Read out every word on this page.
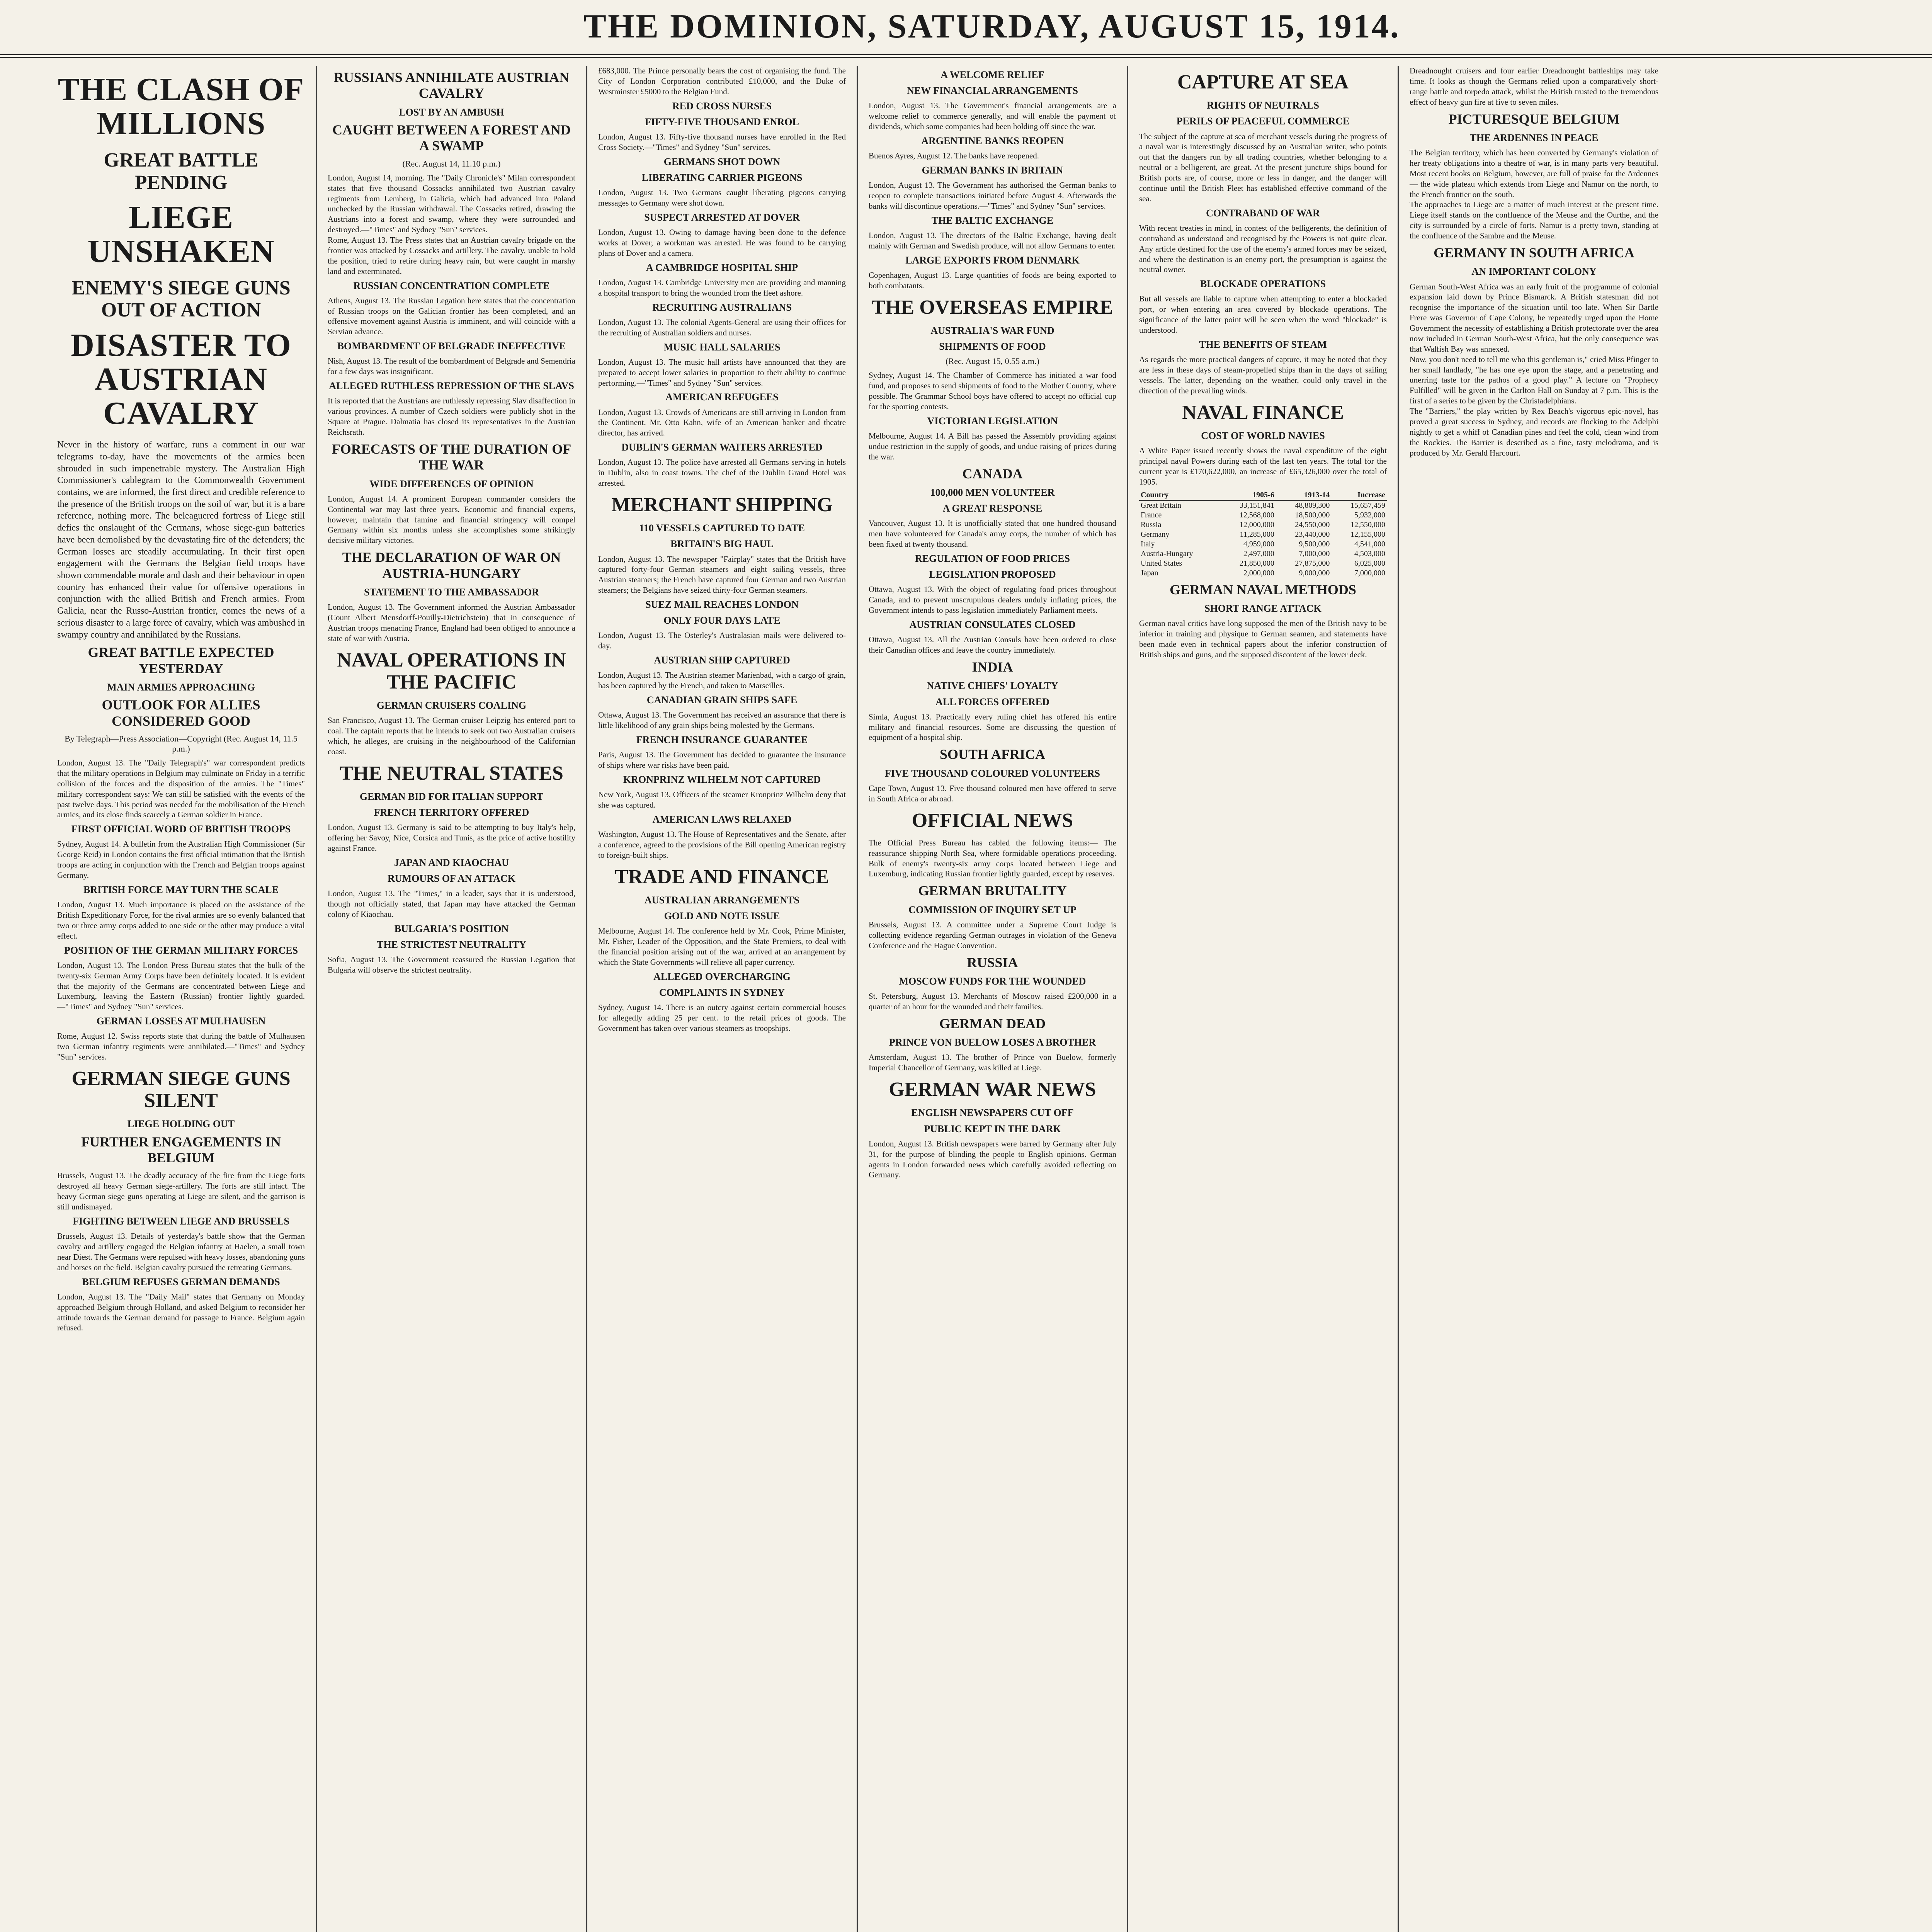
THE DOMINION, SATURDAY, AUGUST 15, 1914.
THE CLASH OF MILLIONS
GREAT BATTLE PENDING
LIEGE UNSHAKEN
ENEMY'S SIEGE GUNS OUT OF ACTION
DISASTER TO AUSTRIAN CAVALRY

Never in the history of warfare, runs a comment in our war telegrams to-day, have the movements of the armies been shrouded in such impenetrable mystery. The Australian High Commissioner's cablegram to the Commonwealth Government contains, we are informed, the first direct and credible reference to the presence of the British troops on the soil of war, but it is a bare reference, nothing more. The beleaguered fortress of Liege still defies the onslaught of the Germans, whose siege-gun batteries have been demolished by the devastating fire of the defenders; the German losses are steadily accumulating. In their first open engagement with the Germans the Belgian field troops have shown commendable morale and dash and their behaviour in open country has enhanced their value for offensive operations in conjunction with the allied British and French armies. From Galicia, near the Russo-Austrian frontier, comes the news of a serious disaster to a large force of cavalry, which was ambushed in swampy country and annihilated by the Russians.

GREAT BATTLE EXPECTED YESTERDAY
MAIN ARMIES APPROACHING
OUTLOOK FOR ALLIES CONSIDERED GOOD
By Telegraph—Press Association—Copyright (Rec. August 14, 11.5 p.m.)

London, August 13. The "Daily Telegraph's" war correspondent predicts that the military operations in Belgium may culminate on Friday in a terrific collision of the forces and the disposition of the armies. The "Times" military correspondent says: We can still be satisfied with the events of the past twelve days. This period was needed for the mobilisation of the French armies, and its close finds scarcely a German soldier in France.

FIRST OFFICIAL WORD OF BRITISH TROOPS

Sydney, August 14. A bulletin from the Australian High Commissioner (Sir George Reid) in London contains the first official intimation that the British troops are acting in conjunction with the French and Belgian troops against Germany.

BRITISH FORCE MAY TURN THE SCALE

London, August 13. Much importance is placed on the assistance of the British Expeditionary Force, for the rival armies are so evenly balanced that two or three army corps added to one side or the other may produce a vital effect.

POSITION OF THE GERMAN MILITARY FORCES

London, August 13. The London Press Bureau states that the bulk of the twenty-six German Army Corps have been definitely located. It is evident that the majority of the Germans are concentrated between Liege and Luxemburg, leaving the Eastern (Russian) frontier lightly guarded.—"Times" and Sydney "Sun" services.

GERMAN LOSSES AT MULHAUSEN

Rome, August 12. Swiss reports state that during the battle of Mulhausen two German infantry regiments were annihilated.—"Times" and Sydney "Sun" services.

GERMAN SIEGE GUNS SILENT
LIEGE HOLDING OUT
FURTHER ENGAGEMENTS IN BELGIUM

Brussels, August 13. The deadly accuracy of the fire from the Liege forts destroyed all heavy German siege-artillery. The forts are still intact. The heavy German siege guns operating at Liege are silent, and the garrison is still undismayed.

FIGHTING BETWEEN LIEGE AND BRUSSELS

Brussels, August 13. Details of yesterday's battle show that the German cavalry and artillery engaged the Belgian infantry at Haelen, a small town near Diest. The Germans were repulsed with heavy losses, abandoning guns and horses on the field. Belgian cavalry pursued the retreating Germans.

BELGIUM REFUSES GERMAN DEMANDS

London, August 13. The "Daily Mail" states that Germany on Monday approached Belgium through Holland, and asked Belgium to reconsider her attitude towards the German demand for passage to France. Belgium again refused.

RUSSIANS ANNIHILATE AUSTRIAN CAVALRY
LOST BY AN AMBUSH
CAUGHT BETWEEN A FOREST AND A SWAMP
(Rec. August 14, 11.10 p.m.)

London, August 14, morning. The "Daily Chronicle's" Milan correspondent states that five thousand Cossacks annihilated two Austrian cavalry regiments from Lemberg, in Galicia, which had advanced into Poland unchecked by the Russian withdrawal. The Cossacks retired, drawing the Austrians into a forest and swamp, where they were surrounded and destroyed.—"Times" and Sydney "Sun" services.

Rome, August 13. The Press states that an Austrian cavalry brigade on the frontier was attacked by Cossacks and artillery. The cavalry, unable to hold the position, tried to retire during heavy rain, but were caught in marshy land and exterminated.

RUSSIAN CONCENTRATION COMPLETE

Athens, August 13. The Russian Legation here states that the concentration of Russian troops on the Galician frontier has been completed, and an offensive movement against Austria is imminent, and will coincide with a Servian advance.

BOMBARDMENT OF BELGRADE INEFFECTIVE

Nish, August 13. The result of the bombardment of Belgrade and Semendria for a few days was insignificant.

ALLEGED RUTHLESS REPRESSION OF THE SLAVS

It is reported that the Austrians are ruthlessly repressing Slav disaffection in various provinces. A number of Czech soldiers were publicly shot in the Square at Prague. Dalmatia has closed its representatives in the Austrian Reichsrath.

FORECASTS OF THE DURATION OF THE WAR
WIDE DIFFERENCES OF OPINION

London, August 14. A prominent European commander considers the Continental war may last three years. Economic and financial experts, however, maintain that famine and financial stringency will compel Germany within six months unless she accomplishes some strikingly decisive military victories.

THE DECLARATION OF WAR ON AUSTRIA-HUNGARY
STATEMENT TO THE AMBASSADOR

London, August 13. The Government informed the Austrian Ambassador (Count Albert Mensdorff-Pouilly-Dietrichstein) that in consequence of Austrian troops menacing France, England had been obliged to announce a state of war with Austria.

NAVAL OPERATIONS IN THE PACIFIC
GERMAN CRUISERS COALING

San Francisco, August 13. The German cruiser Leipzig has entered port to coal. The captain reports that he intends to seek out two Australian cruisers which, he alleges, are cruising in the neighbourhood of the Californian coast.

THE NEUTRAL STATES
GERMAN BID FOR ITALIAN SUPPORT
FRENCH TERRITORY OFFERED

London, August 13. Germany is said to be attempting to buy Italy's help, offering her Savoy, Nice, Corsica and Tunis, as the price of active hostility against France.

JAPAN AND KIAOCHAU
RUMOURS OF AN ATTACK

London, August 13. The "Times," in a leader, says that it is understood, though not officially stated, that Japan may have attacked the German colony of Kiaochau.

BULGARIA'S POSITION
THE STRICTEST NEUTRALITY

Sofia, August 13. The Government reassured the Russian Legation that Bulgaria will observe the strictest neutrality.

£683,000. The Prince personally bears the cost of organising the fund. The City of London Corporation contributed £10,000, and the Duke of Westminster £5000 to the Belgian Fund.

RED CROSS NURSES
FIFTY-FIVE THOUSAND ENROL

London, August 13. Fifty-five thousand nurses have enrolled in the Red Cross Society.—"Times" and Sydney "Sun" services.

GERMANS SHOT DOWN
LIBERATING CARRIER PIGEONS

London, August 13. Two Germans caught liberating pigeons carrying messages to Germany were shot down.

SUSPECT ARRESTED AT DOVER

London, August 13. Owing to damage having been done to the defence works at Dover, a workman was arrested. He was found to be carrying plans of Dover and a camera.

A CAMBRIDGE HOSPITAL SHIP

London, August 13. Cambridge University men are providing and manning a hospital transport to bring the wounded from the fleet ashore.

RECRUITING AUSTRALIANS

London, August 13. The colonial Agents-General are using their offices for the recruiting of Australian soldiers and nurses.

MUSIC HALL SALARIES

London, August 13. The music hall artists have announced that they are prepared to accept lower salaries in proportion to their ability to continue performing.—"Times" and Sydney "Sun" services.

AMERICAN REFUGEES

London, August 13. Crowds of Americans are still arriving in London from the Continent. Mr. Otto Kahn, wife of an American banker and theatre director, has arrived.

DUBLIN'S GERMAN WAITERS ARRESTED

London, August 13. The police have arrested all Germans serving in hotels in Dublin, also in coast towns. The chef of the Dublin Grand Hotel was arrested.

MERCHANT SHIPPING
110 VESSELS CAPTURED TO DATE
BRITAIN'S BIG HAUL

London, August 13. The newspaper "Fairplay" states that the British have captured forty-four German steamers and eight sailing vessels, three Austrian steamers; the French have captured four German and two Austrian steamers; the Belgians have seized thirty-four German steamers.

SUEZ MAIL REACHES LONDON
ONLY FOUR DAYS LATE

London, August 13. The Osterley's Australasian mails were delivered to-day.

AUSTRIAN SHIP CAPTURED

London, August 13. The Austrian steamer Marienbad, with a cargo of grain, has been captured by the French, and taken to Marseilles.

CANADIAN GRAIN SHIPS SAFE

Ottawa, August 13. The Government has received an assurance that there is little likelihood of any grain ships being molested by the Germans.

FRENCH INSURANCE GUARANTEE

Paris, August 13. The Government has decided to guarantee the insurance of ships where war risks have been paid.

KRONPRINZ WILHELM NOT CAPTURED

New York, August 13. Officers of the steamer Kronprinz Wilhelm deny that she was captured.

AMERICAN LAWS RELAXED

Washington, August 13. The House of Representatives and the Senate, after a conference, agreed to the provisions of the Bill opening American registry to foreign-built ships.

TRADE AND FINANCE
AUSTRALIAN ARRANGEMENTS
GOLD AND NOTE ISSUE

Melbourne, August 14. The conference held by Mr. Cook, Prime Minister, Mr. Fisher, Leader of the Opposition, and the State Premiers, to deal with the financial position arising out of the war, arrived at an arrangement by which the State Governments will relieve all paper currency.

ALLEGED OVERCHARGING
COMPLAINTS IN SYDNEY

Sydney, August 14. There is an outcry against certain commercial houses for allegedly adding 25 per cent. to the retail prices of goods. The Government has taken over various steamers as troopships.

A WELCOME RELIEF
NEW FINANCIAL ARRANGEMENTS

London, August 13. The Government's financial arrangements are a welcome relief to commerce generally, and will enable the payment of dividends, which some companies had been holding off since the war.

ARGENTINE BANKS REOPEN

Buenos Ayres, August 12. The banks have reopened.

GERMAN BANKS IN BRITAIN

London, August 13. The Government has authorised the German banks to reopen to complete transactions initiated before August 4. Afterwards the banks will discontinue operations.—"Times" and Sydney "Sun" services.

THE BALTIC EXCHANGE

London, August 13. The directors of the Baltic Exchange, having dealt mainly with German and Swedish produce, will not allow Germans to enter.

LARGE EXPORTS FROM DENMARK

Copenhagen, August 13. Large quantities of foods are being exported to both combatants.

THE OVERSEAS EMPIRE
AUSTRALIA'S WAR FUND
SHIPMENTS OF FOOD
(Rec. August 15, 0.55 a.m.)

Sydney, August 14. The Chamber of Commerce has initiated a war food fund, and proposes to send shipments of food to the Mother Country, where possible. The Grammar School boys have offered to accept no official cup for the sporting contests.

VICTORIAN LEGISLATION

Melbourne, August 14. A Bill has passed the Assembly providing against undue restriction in the supply of goods, and undue raising of prices during the war.

CANADA
100,000 MEN VOLUNTEER
A GREAT RESPONSE

Vancouver, August 13. It is unofficially stated that one hundred thousand men have volunteered for Canada's army corps, the number of which has been fixed at twenty thousand.

REGULATION OF FOOD PRICES
LEGISLATION PROPOSED

Ottawa, August 13. With the object of regulating food prices throughout Canada, and to prevent unscrupulous dealers unduly inflating prices, the Government intends to pass legislation immediately Parliament meets.

AUSTRIAN CONSULATES CLOSED

Ottawa, August 13. All the Austrian Consuls have been ordered to close their Canadian offices and leave the country immediately.

INDIA
NATIVE CHIEFS' LOYALTY
ALL FORCES OFFERED

Simla, August 13. Practically every ruling chief has offered his entire military and financial resources. Some are discussing the question of equipment of a hospital ship.

SOUTH AFRICA
FIVE THOUSAND COLOURED VOLUNTEERS

Cape Town, August 13. Five thousand coloured men have offered to serve in South Africa or abroad.

OFFICIAL NEWS

The Official Press Bureau has cabled the following items:— The reassurance shipping North Sea, where formidable operations proceeding. Bulk of enemy's twenty-six army corps located between Liege and Luxemburg, indicating Russian frontier lightly guarded, except by reserves.

GERMAN BRUTALITY
COMMISSION OF INQUIRY SET UP

Brussels, August 13. A committee under a Supreme Court Judge is collecting evidence regarding German outrages in violation of the Geneva Conference and the Hague Convention.

RUSSIA
MOSCOW FUNDS FOR THE WOUNDED

St. Petersburg, August 13. Merchants of Moscow raised £200,000 in a quarter of an hour for the wounded and their families.

GERMAN DEAD
PRINCE VON BUELOW LOSES A BROTHER

Amsterdam, August 13. The brother of Prince von Buelow, formerly Imperial Chancellor of Germany, was killed at Liege.

GERMAN WAR NEWS
ENGLISH NEWSPAPERS CUT OFF
PUBLIC KEPT IN THE DARK

London, August 13. British newspapers were barred by Germany after July 31, for the purpose of blinding the people to English opinions. German agents in London forwarded news which carefully avoided reflecting on Germany.

CAPTURE AT SEA
RIGHTS OF NEUTRALS
PERILS OF PEACEFUL COMMERCE

The subject of the capture at sea of merchant vessels during the progress of a naval war is interestingly discussed by an Australian writer, who points out that the dangers run by all trading countries, whether belonging to a neutral or a belligerent, are great. At the present juncture ships bound for British ports are, of course, more or less in danger, and the danger will continue until the British Fleet has established effective command of the sea.

CONTRABAND OF WAR

With recent treaties in mind, in contest of the belligerents, the definition of contraband as understood and recognised by the Powers is not quite clear. Any article destined for the use of the enemy's armed forces may be seized, and where the destination is an enemy port, the presumption is against the neutral owner.

BLOCKADE OPERATIONS

But all vessels are liable to capture when attempting to enter a blockaded port, or when entering an area covered by blockade operations. The significance of the latter point will be seen when the word "blockade" is understood.

THE BENEFITS OF STEAM

As regards the more practical dangers of capture, it may be noted that they are less in these days of steam-propelled ships than in the days of sailing vessels. The latter, depending on the weather, could only travel in the direction of the prevailing winds.

NAVAL FINANCE
COST OF WORLD NAVIES

A White Paper issued recently shows the naval expenditure of the eight principal naval Powers during each of the last ten years. The total for the current year is £170,622,000, an increase of £65,326,000 over the total of 1905.

Country	1905-6	1913-14	Increase
Great Britain	33,151,841	48,809,300	15,657,459
France	12,568,000	18,500,000	5,932,000
Russia	12,000,000	24,550,000	12,550,000
Germany	11,285,000	23,440,000	12,155,000
Italy	4,959,000	9,500,000	4,541,000
Austria-Hungary	2,497,000	7,000,000	4,503,000
United States	21,850,000	27,875,000	6,025,000
Japan	2,000,000	9,000,000	7,000,000
GERMAN NAVAL METHODS
SHORT RANGE ATTACK

German naval critics have long supposed the men of the British navy to be inferior in training and physique to German seamen, and statements have been made even in technical papers about the inferior construction of British ships and guns, and the supposed discontent of the lower deck.

Dreadnought cruisers and four earlier Dreadnought battleships may take time. It looks as though the Germans relied upon a comparatively short-range battle and torpedo attack, whilst the British trusted to the tremendous effect of heavy gun fire at five to seven miles.

PICTURESQUE BELGIUM
THE ARDENNES IN PEACE

The Belgian territory, which has been converted by Germany's violation of her treaty obligations into a theatre of war, is in many parts very beautiful. Most recent books on Belgium, however, are full of praise for the Ardennes — the wide plateau which extends from Liege and Namur on the north, to the French frontier on the south.

The approaches to Liege are a matter of much interest at the present time. Liege itself stands on the confluence of the Meuse and the Ourthe, and the city is surrounded by a circle of forts. Namur is a pretty town, standing at the confluence of the Sambre and the Meuse.

GERMANY IN SOUTH AFRICA
AN IMPORTANT COLONY

German South-West Africa was an early fruit of the programme of colonial expansion laid down by Prince Bismarck. A British statesman did not recognise the importance of the situation until too late. When Sir Bartle Frere was Governor of Cape Colony, he repeatedly urged upon the Home Government the necessity of establishing a British protectorate over the area now included in German South-West Africa, but the only consequence was that Walfish Bay was annexed.

Now, you don't need to tell me who this gentleman is," cried Miss Pfinger to her small landlady, "he has one eye upon the stage, and a penetrating and unerring taste for the pathos of a good play." A lecture on "Prophecy Fulfilled" will be given in the Carlton Hall on Sunday at 7 p.m. This is the first of a series to be given by the Christadelphians.

The "Barriers," the play written by Rex Beach's vigorous epic-novel, has proved a great success in Sydney, and records are flocking to the Adelphi nightly to get a whiff of Canadian pines and feel the cold, clean wind from the Rockies. The Barrier is described as a fine, tasty melodrama, and is produced by Mr. Gerald Harcourt.
